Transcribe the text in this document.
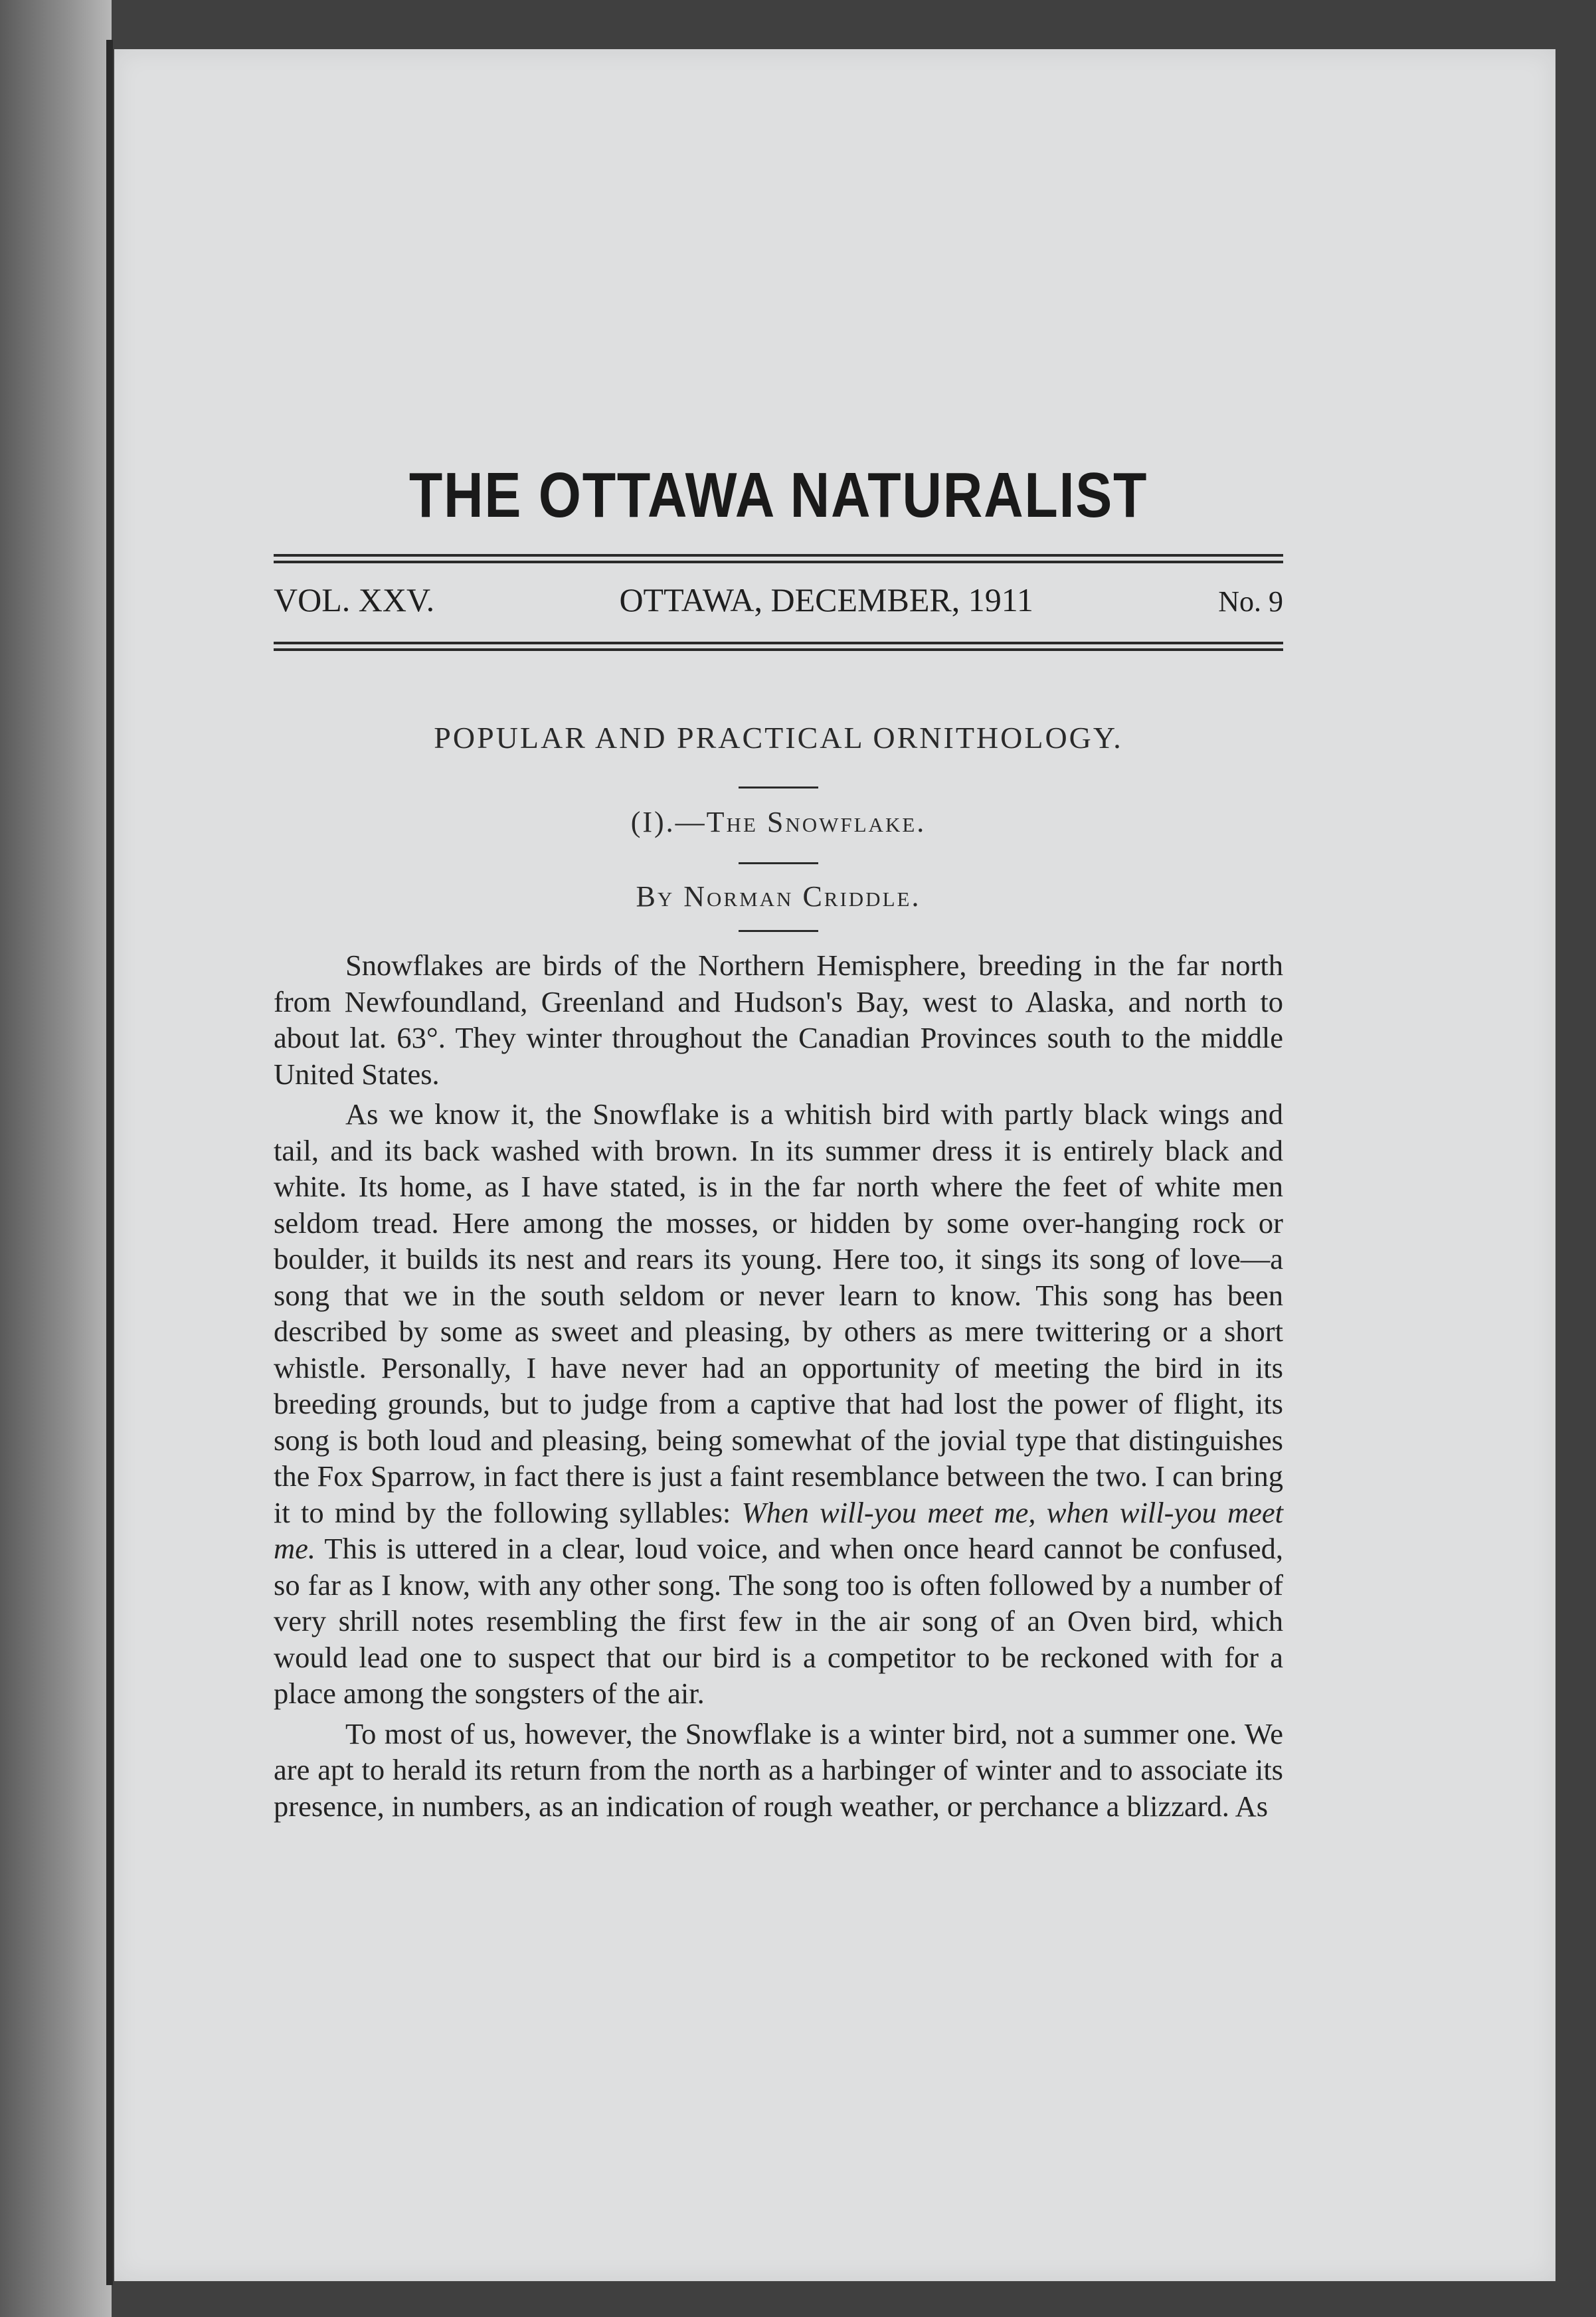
THE OTTAWA NATURALIST
VOL. XXV.	OTTAWA, DECEMBER, 1911	No. 9
POPULAR AND PRACTICAL ORNITHOLOGY.
(I).—The Snowflake.
By Norman Criddle.

Snowflakes are birds of the Northern Hemisphere, breeding in the far north from Newfoundland, Greenland and Hudson's Bay, west to Alaska, and north to about lat. 63°. They winter throughout the Canadian Provinces south to the middle United States.

As we know it, the Snowflake is a whitish bird with partly black wings and tail, and its back washed with brown. In its summer dress it is entirely black and white. Its home, as I have stated, is in the far north where the feet of white men seldom tread. Here among the mosses, or hidden by some over-hanging rock or boulder, it builds its nest and rears its young. Here too, it sings its song of love—a song that we in the south seldom or never learn to know. This song has been described by some as sweet and pleasing, by others as mere twittering or a short whistle. Personally, I have never had an opportunity of meeting the bird in its breeding grounds, but to judge from a captive that had lost the power of flight, its song is both loud and pleasing, being somewhat of the jovial type that distinguishes the Fox Sparrow, in fact there is just a faint resemblance between the two. I can bring it to mind by the following syllables: When will-you meet me, when will-you meet me. This is uttered in a clear, loud voice, and when once heard cannot be confused, so far as I know, with any other song. The song too is often followed by a number of very shrill notes resembling the first few in the air song of an Oven bird, which would lead one to suspect that our bird is a competitor to be reckoned with for a place among the songsters of the air.

To most of us, however, the Snowflake is a winter bird, not a summer one. We are apt to herald its return from the north as a harbinger of winter and to associate its presence, in numbers, as an indication of rough weather, or perchance a blizzard. As
